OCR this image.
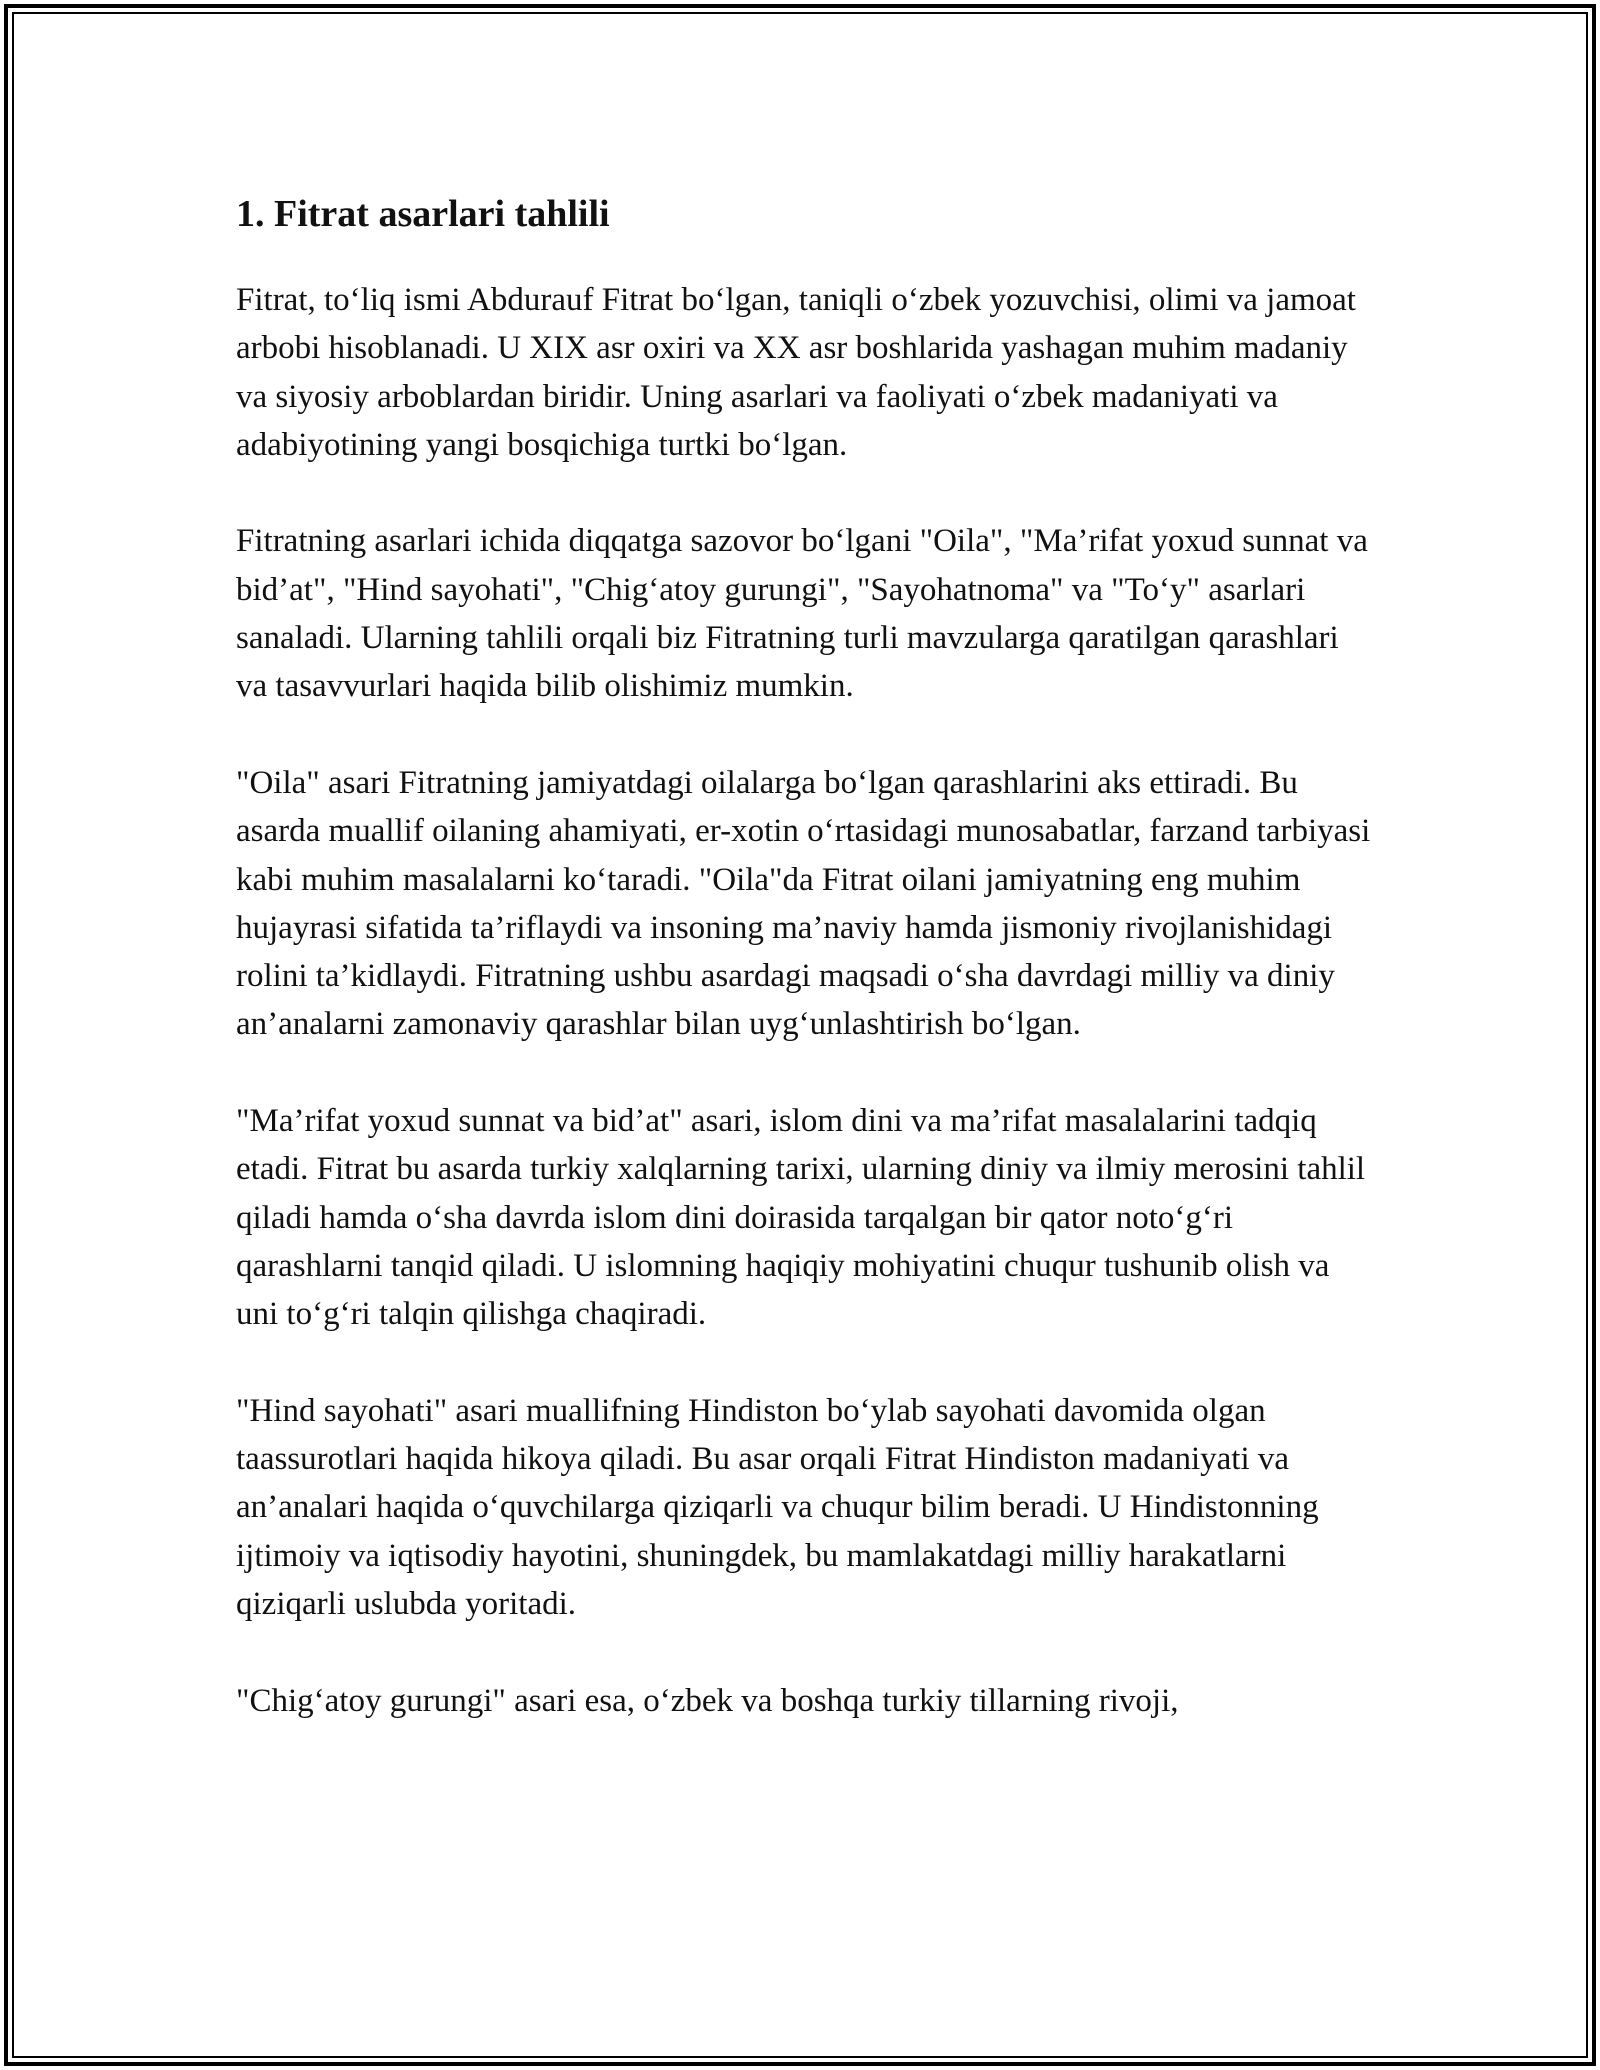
1. Fitrat asarlari tahlili

Fitrat, to‘liq ismi Abdurauf Fitrat bo‘lgan, taniqli o‘zbek yozuvchisi, olimi va jamoat arbobi hisoblanadi. U XIX asr oxiri va XX asr boshlarida yashagan muhim madaniy va siyosiy arboblardan biridir. Uning asarlari va faoliyati o‘zbek madaniyati va adabiyotining yangi bosqichiga turtki bo‘lgan.

Fitratning asarlari ichida diqqatga sazovor bo‘lgani "Oila", "Ma’rifat yoxud sunnat va bid’at", "Hind sayohati", "Chig‘atoy gurungi", "Sayohatnoma" va "To‘y" asarlari sanaladi. Ularning tahlili orqali biz Fitratning turli mavzularga qaratilgan qarashlari va tasavvurlari haqida bilib olishimiz mumkin.

"Oila" asari Fitratning jamiyatdagi oilalarga bo‘lgan qarashlarini aks ettiradi. Bu asarda muallif oilaning ahamiyati, er-xotin o‘rtasidagi munosabatlar, farzand tarbiyasi kabi muhim masalalarni ko‘taradi. "Oila"da Fitrat oilani jamiyatning eng muhim hujayrasi sifatida ta’riflaydi va insoning ma’naviy hamda jismoniy rivojlanishidagi rolini ta’kidlaydi. Fitratning ushbu asardagi maqsadi o‘sha davrdagi milliy va diniy an’analarni zamonaviy qarashlar bilan uyg‘unlashtirish bo‘lgan.

"Ma’rifat yoxud sunnat va bid’at" asari, islom dini va ma’rifat masalalarini tadqiq etadi. Fitrat bu asarda turkiy xalqlarning tarixi, ularning diniy va ilmiy merosini tahlil qiladi hamda o‘sha davrda islom dini doirasida tarqalgan bir qator noto‘g‘ri qarashlarni tanqid qiladi. U islomning haqiqiy mohiyatini chuqur tushunib olish va uni to‘g‘ri talqin qilishga chaqiradi.

"Hind sayohati" asari muallifning Hindiston bo‘ylab sayohati davomida olgan taassurotlari haqida hikoya qiladi. Bu asar orqali Fitrat Hindiston madaniyati va an’analari haqida o‘quvchilarga qiziqarli va chuqur bilim beradi. U Hindistonning ijtimoiy va iqtisodiy hayotini, shuningdek, bu mamlakatdagi milliy harakatlarni qiziqarli uslubda yoritadi.

"Chig‘atoy gurungi" asari esa, o‘zbek va boshqa turkiy tillarning rivoji,
